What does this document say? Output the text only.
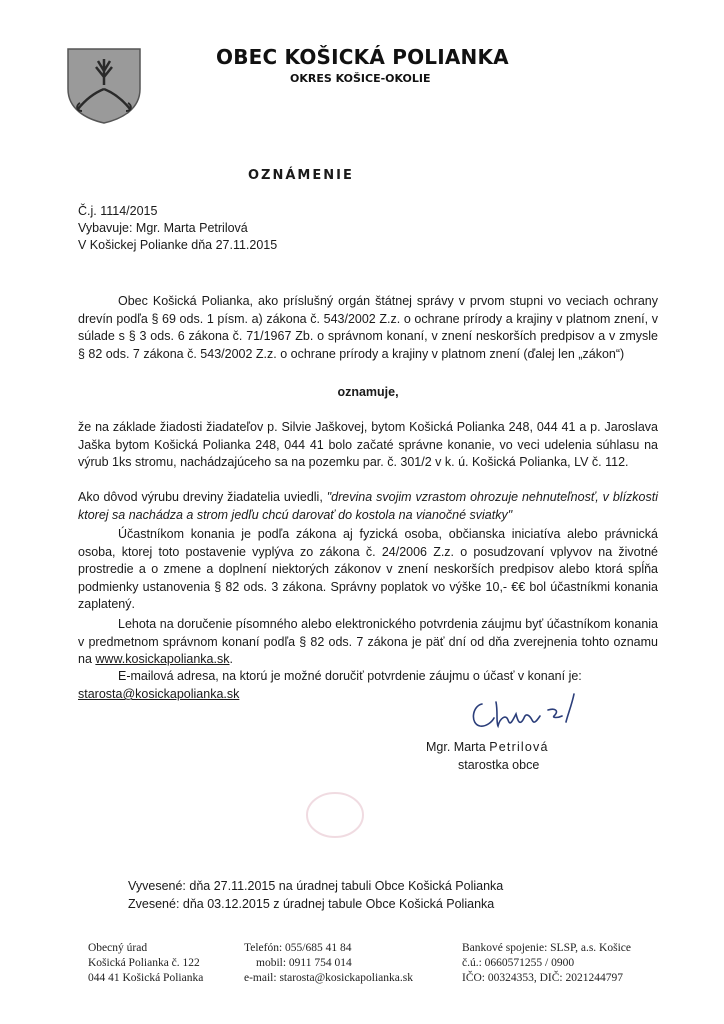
OBEC KOŠICKÁ POLIANKA
OKRES KOŠICE-OKOLIE
OZNÁMENIE
Č.j. 1114/2015
Vybavuje: Mgr. Marta Petrilová
V Košickej Polianke dňa 27.11.2015
Obec Košická Polianka, ako príslušný orgán štátnej správy v prvom stupni vo veciach ochrany drevín podľa § 69 ods. 1 písm. a) zákona č. 543/2002 Z.z. o ochrane prírody a krajiny v platnom znení, v súlade s § 3 ods. 6 zákona č. 71/1967 Zb. o správnom konaní, v znení neskorších predpisov a v zmysle § 82 ods. 7 zákona č. 543/2002 Z.z. o ochrane prírody a krajiny v platnom znení (ďalej len „zákon“)
oznamuje,
že na základe žiadosti žiadateľov p. Silvie Jaškovej, bytom Košická Polianka 248, 044 41 a p. Jaroslava Jaška bytom Košická Polianka 248, 044 41 bolo začaté správne konanie, vo veci udelenia súhlasu na výrub 1ks stromu, nachádzajúceho sa na pozemku par. č. 301/2 v k. ú. Košická Polianka, LV č. 112.
Ako dôvod výrubu dreviny žiadatelia uviedli, "drevina svojim vzrastom ohrozuje nehnuteľnosť, v blízkosti ktorej sa nachádza a strom jedľu chcú darovať do kostola na vianočné sviatky"
Účastníkom konania je podľa zákona aj fyzická osoba, občianska iniciatíva alebo právnická osoba, ktorej toto postavenie vyplýva zo zákona č. 24/2006 Z.z. o posudzovaní vplyvov na životné prostredie a o zmene a doplnení niektorých zákonov v znení neskorších predpisov alebo ktorá spĺňa podmienky ustanovenia § 82 ods. 3 zákona. Správny poplatok vo výške 10,- €€ bol účastníkmi konania zaplatený.
Lehota na doručenie písomného alebo elektronického potvrdenia záujmu byť účastníkom konania v predmetnom správnom konaní podľa § 82 ods. 7 zákona je päť dní od dňa zverejnenia tohto oznamu na www.kosickapolianka.sk.
E-mailová adresa, na ktorú je možné doručiť potvrdenie záujmu o účasť v konaní je:
starosta@kosickapolianka.sk
Mgr. Marta Petrilová
starostka obce
Vyvesené: dňa 27.11.2015 na úradnej tabuli Obce Košická Polianka
Zvesené: dňa 03.12.2015 z úradnej tabule Obce Košická Polianka
Obecný úrad
Košická Polianka č. 122
044 41 Košická Polianka
Telefón: 055/685 41 84
mobil: 0911 754 014
e-mail: starosta@kosickapolianka.sk
Bankové spojenie: SLSP, a.s. Košice
č.ú.: 0660571255 / 0900
IČO: 00324353, DIČ: 2021244797
